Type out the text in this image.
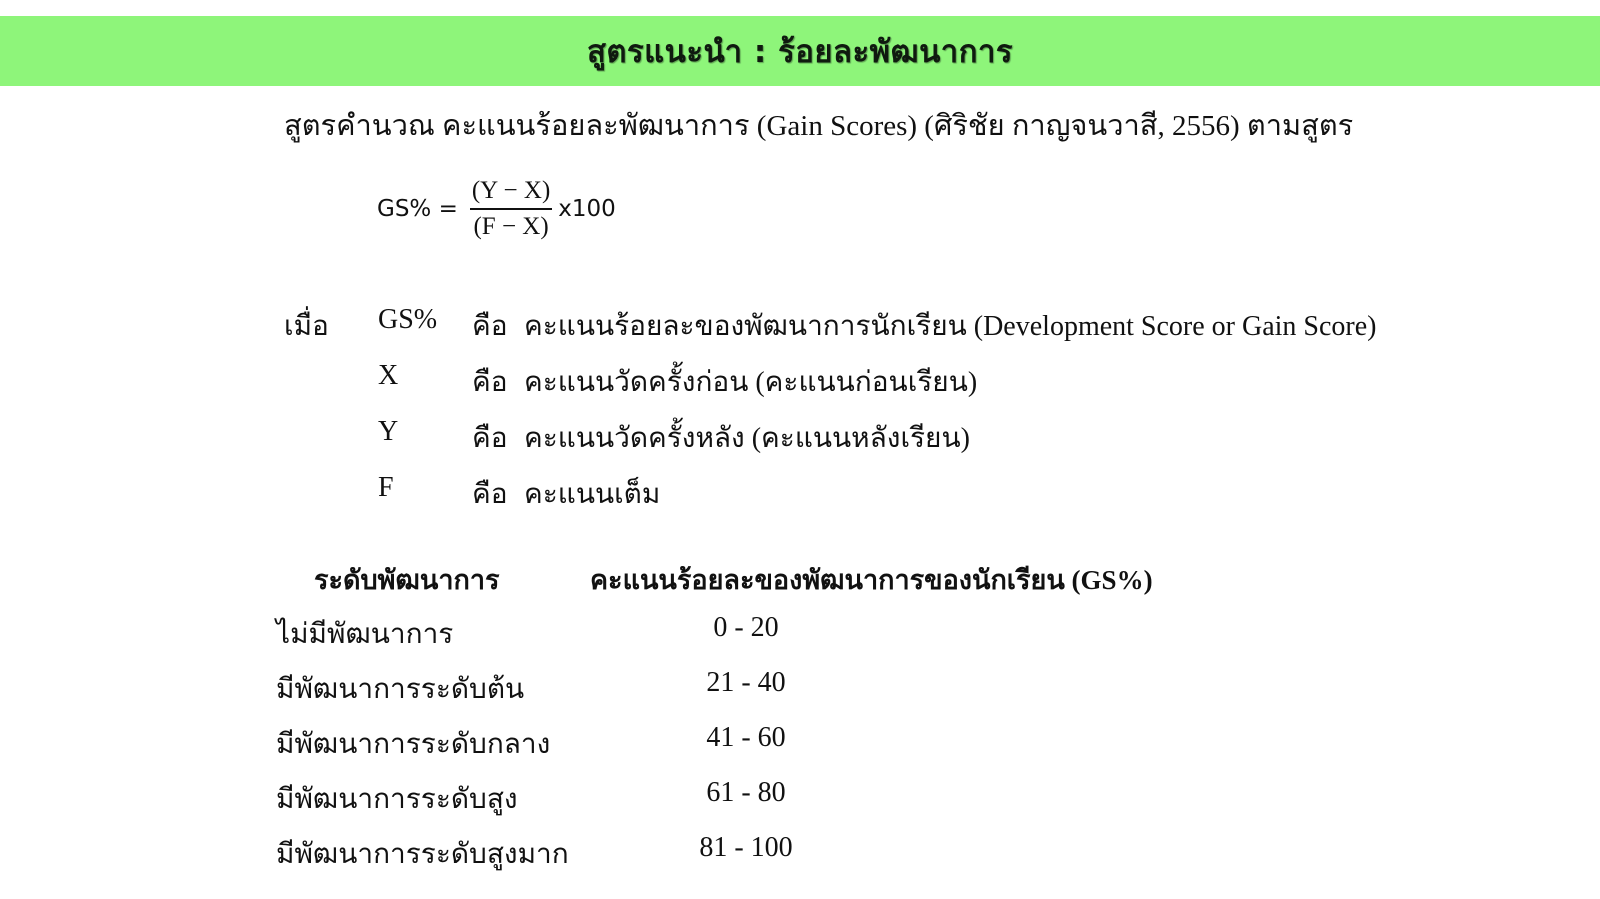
สูตรแนะนำ : ร้อยละพัฒนาการ
สูตรคำนวณ คะแนนร้อยละพัฒนาการ (Gain Scores) (ศิริชัย กาญจนวาสี, 2556) ตามสูตร
$GS\% = \frac{(Y - X)}{(F - X)} x100$
เมื่อ GS% คือ คะแนนร้อยละของพัฒนาการนักเรียน (Development Score or Gain Score)
X	คือ คะแนนวัดครั้งก่อน (คะแนนก่อนเรียน)
Y	คือ คะแนนวัดครั้งหลัง (คะแนนหลังเรียน)
F	คือ คะแนนเต็ม
ระดับพัฒนาการ	คะแนนร้อยละของพัฒนาการของนักเรียน (GS%)
ไม่มีพัฒนาการ	0 - 20
มีพัฒนาการระดับต้น	21 - 40
มีพัฒนาการระดับกลาง	41 - 60
มีพัฒนาการระดับสูง	61 - 80
มีพัฒนาการระดับสูงมาก	81 - 100
